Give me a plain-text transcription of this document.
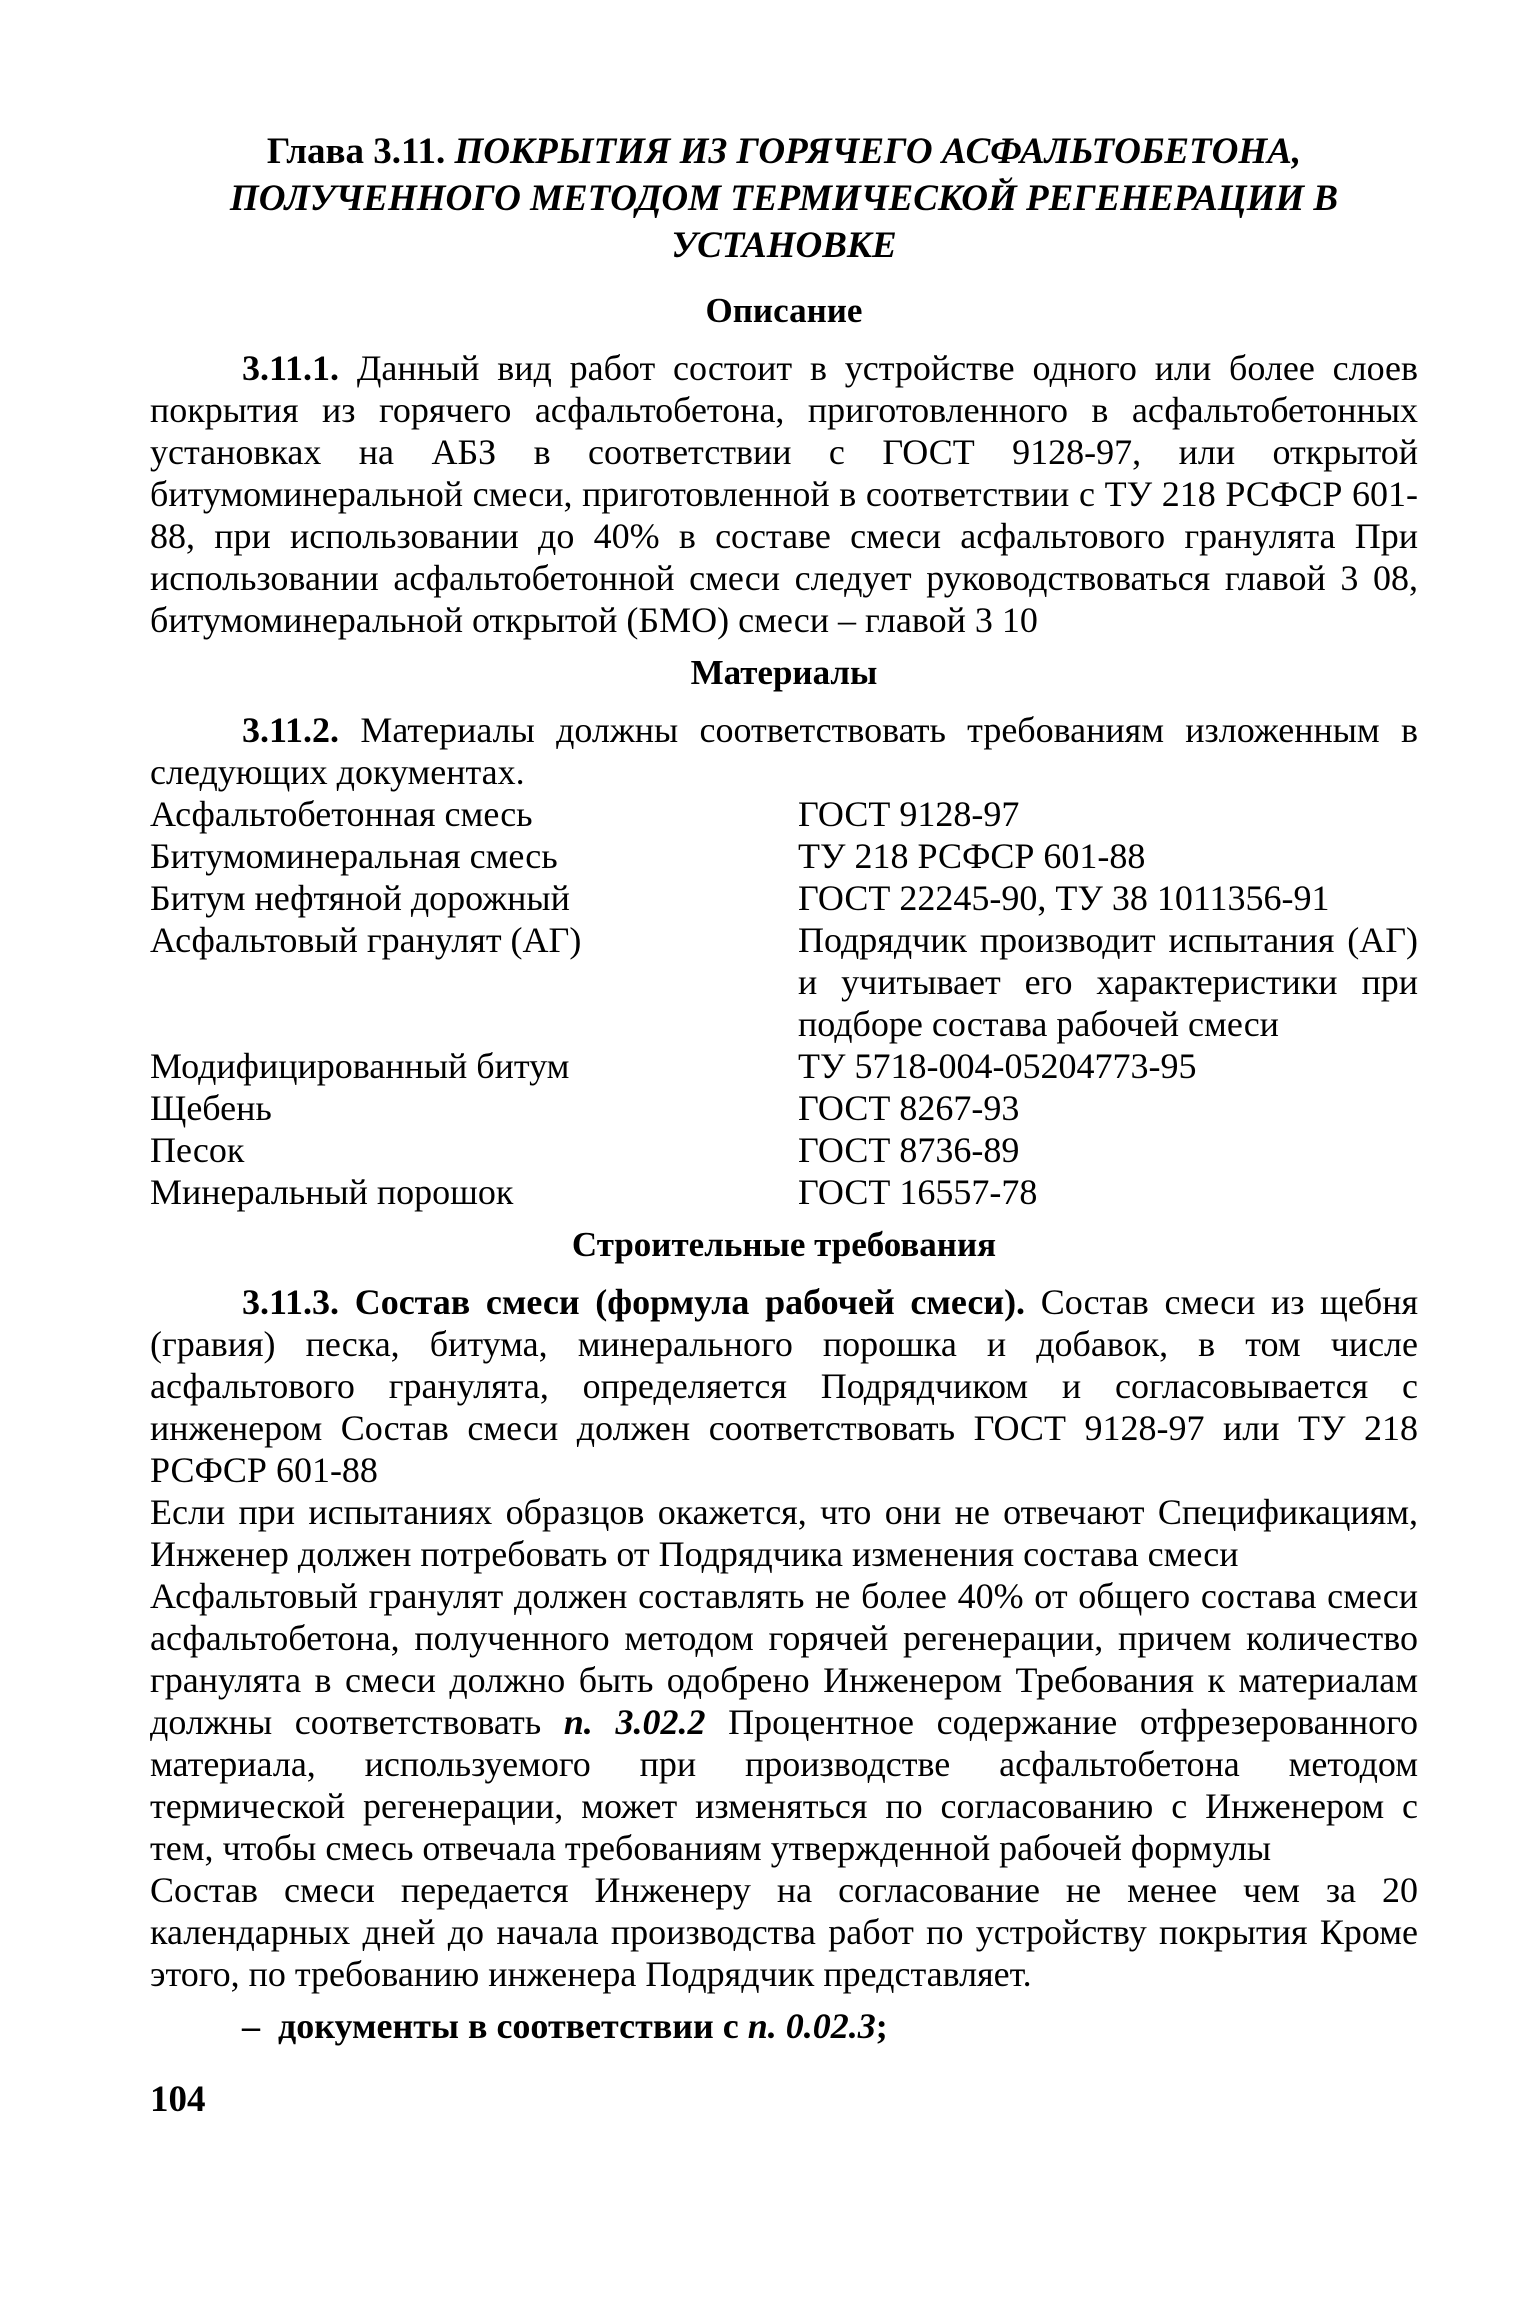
Глава 3.11. ПОКРЫТИЯ ИЗ ГОРЯЧЕГО АСФАЛЬТОБЕТОНА, ПОЛУЧЕННОГО МЕТОДОМ ТЕРМИЧЕСКОЙ РЕГЕНЕРАЦИИ В УСТАНОВКЕ
Описание

3.11.1. Данный вид работ состоит в устройстве одного или более слоев покрытия из горячего асфальтобетона, приготовленного в асфальтобетонных установках на АБЗ в соответствии с ГОСТ 9128-97, или открытой битумоминеральной смеси, приготовленной в соответствии с ТУ 218 РСФСР 601-88, при использовании до 40% в составе смеси асфальтового гранулята При использовании асфальтобетонной смеси следует руководствоваться главой 3 08, битумоминеральной открытой (БМО) смеси – главой 3 10

Материалы

3.11.2. Материалы должны соответствовать требованиям изложенным в следующих документах.

Асфальтобетонная смесь	ГОСТ 9128-97
Битумоминеральная смесь	ТУ 218 РСФСР 601-88
Битум нефтяной дорожный	ГОСТ 22245-90, ТУ 38 1011356-91
Асфальтовый гранулят (АГ)	Подрядчик производит испытания (АГ) и учитывает его характеристики при подборе состава рабочей смеси
Модифицированный битум	ТУ 5718-004-05204773-95
Щебень	ГОСТ 8267-93
Песок	ГОСТ 8736-89
Минеральный порошок	ГОСТ 16557-78
Строительные требования

3.11.3. Состав смеси (формула рабочей смеси). Состав смеси из щебня (гравия) песка, битума, минерального порошка и добавок, в том числе асфальтового гранулята, определяется Подрядчиком и согласовывается с инженером Состав смеси должен соответствовать ГОСТ 9128-97 или ТУ 218 РСФСР 601-88

Если при испытаниях образцов окажется, что они не отвечают Спецификациям, Инженер должен потребовать от Подрядчика изменения состава смеси

Асфальтовый гранулят должен составлять не более 40% от общего состава смеси асфальтобетона, полученного методом горячей регенерации, причем количество гранулята в смеси должно быть одобрено Инженером Требования к материалам должны соответствовать п. 3.02.2 Процентное содержание отфрезерованного материала, используемого при производстве асфальтобетона методом термической регенерации, может изменяться по согласованию с Инженером с тем, чтобы смесь отвечала требованиям утвержденной рабочей формулы

Состав смеси передается Инженеру на согласование не менее чем за 20 календарных дней до начала производства работ по устройству покрытия Кроме этого, по требованию инженера Подрядчик представляет.

– документы в соответствии с п. 0.02.3;

104
